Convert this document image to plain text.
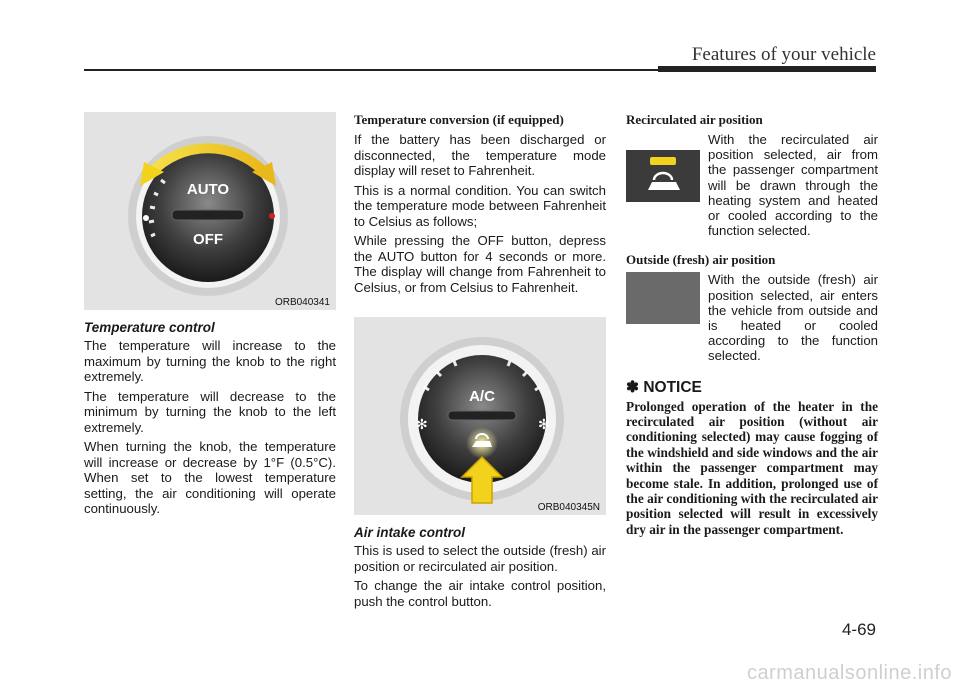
Features of your vehicle
AUTO
OFF
ORB040341
Temperature control

The temperature will increase to the maximum by turning the knob to the right extremely.

The temperature will decrease to the minimum by turning the knob to the left extremely.

When turning the knob, the temperature will increase or decrease by 1°F (0.5°C). When set to the lowest temperature setting, the air conditioning will operate continuously.

Temperature conversion (if equipped)

If the battery has been discharged or disconnected, the temperature mode display will reset to Fahrenheit.

This is a normal condition. You can switch the temperature mode between Fahrenheit to Celsius as follows;

While pressing the OFF button, depress the AUTO button for 4 seconds or more. The display will change from Fahrenheit to Celsius, or from Celsius to Fahrenheit.

✻	✻
A/C
ORB040345N
Air intake control

This is used to select the outside (fresh) air position or recirculated air position.

To change the air intake control position, push the control button.

Recirculated air position
With the recirculated air position selected, air from the passenger compartment will be drawn through the heating system and heated or cooled according to the function selected.
Outside (fresh) air position
With the outside (fresh) air position selected, air enters the vehicle from outside and is heated or cooled according to the function selected.
✽ NOTICE

Prolonged operation of the heater in the recirculated air position (without air conditioning selected) may cause fogging of the windshield and side windows and the air within the passenger compartment may become stale. In addition, prolonged use of the air conditioning with the recirculated air position selected will result in excessively dry air in the passenger compartment.

4-69
carmanualsonline.info
